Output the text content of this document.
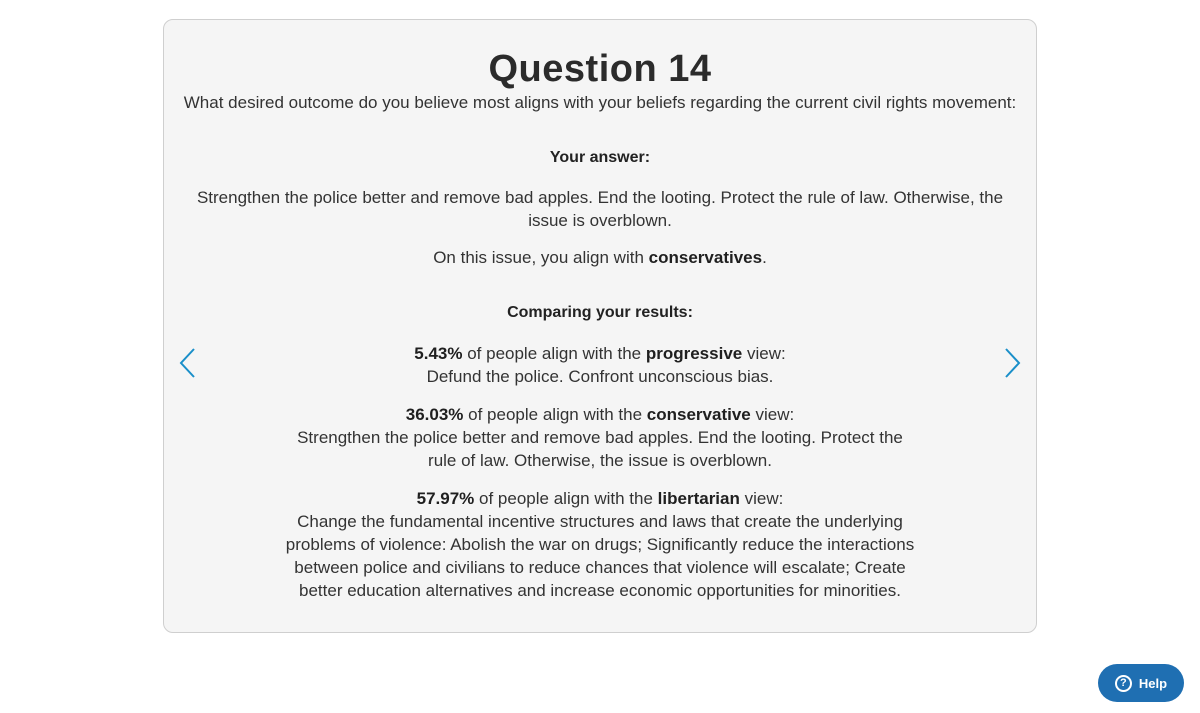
Question 14
What desired outcome do you believe most aligns with your beliefs regarding the current civil rights movement:
Your answer:
Strengthen the police better and remove bad apples. End the looting. Protect the rule of law. Otherwise, the issue is overblown.
On this issue, you align with conservatives.
Comparing your results:
5.43% of people align with the progressive view:
Defund the police. Confront unconscious bias.
36.03% of people align with the conservative view:
Strengthen the police better and remove bad apples. End the looting. Protect the rule of law. Otherwise, the issue is overblown.
57.97% of people align with the libertarian view:
Change the fundamental incentive structures and laws that create the underlying problems of violence: Abolish the war on drugs; Significantly reduce the interactions between police and civilians to reduce chances that violence will escalate; Create better education alternatives and increase economic opportunities for minorities.
? Help
